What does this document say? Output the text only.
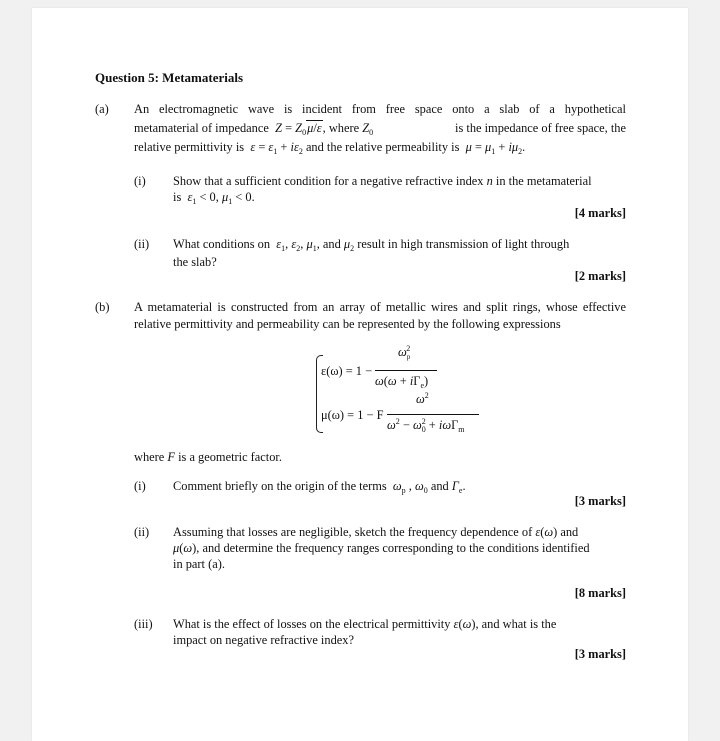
Question 5: Metamaterials
(a) An electromagnetic wave is incident from free space onto a slab of a hypothetical
metamaterial of impedance $Z = Z_0\mu/\varepsilon$, where $Z_0$	is the impedance of free space, the
relative permittivity is $\varepsilon = \varepsilon_1 + i\varepsilon_2$ and the relative permeability is $\mu = \mu_1 + i\mu_2$.
(i) Show that a sufficient condition for a negative refractive index n in the metamaterial
is $\varepsilon_1 < 0$, $\mu_1 < 0$.
[4 marks]
(ii) What conditions on $\varepsilon_1$, $\varepsilon_2$, $\mu_1$, and $\mu_2$ result in high transmission of light through
the slab?
[2 marks]
(b) A metamaterial is constructed from an array of metallic wires and split rings, whose effective
relative permittivity and permeability can be represented by the following expressions
ε(ω) = 1 −
$\omega_p^2$
$\omega(\omega + i\Gamma_e)$
μ(ω) = 1 − F
$\omega^2$
$\omega^2 - \omega_0^2 + i\omega\Gamma_m$
where F is a geometric factor.
(i) Comment briefly on the origin of the terms $\omega_p$ , $\omega_0$ and $\Gamma_e$.
[3 marks]
(ii) Assuming that losses are negligible, sketch the frequency dependence of ε(ω) and
μ(ω), and determine the frequency ranges corresponding to the conditions identified
in part (a).
[8 marks]
(iii) What is the effect of losses on the electrical permittivity ε(ω), and what is the
impact on negative refractive index?
[3 marks]
